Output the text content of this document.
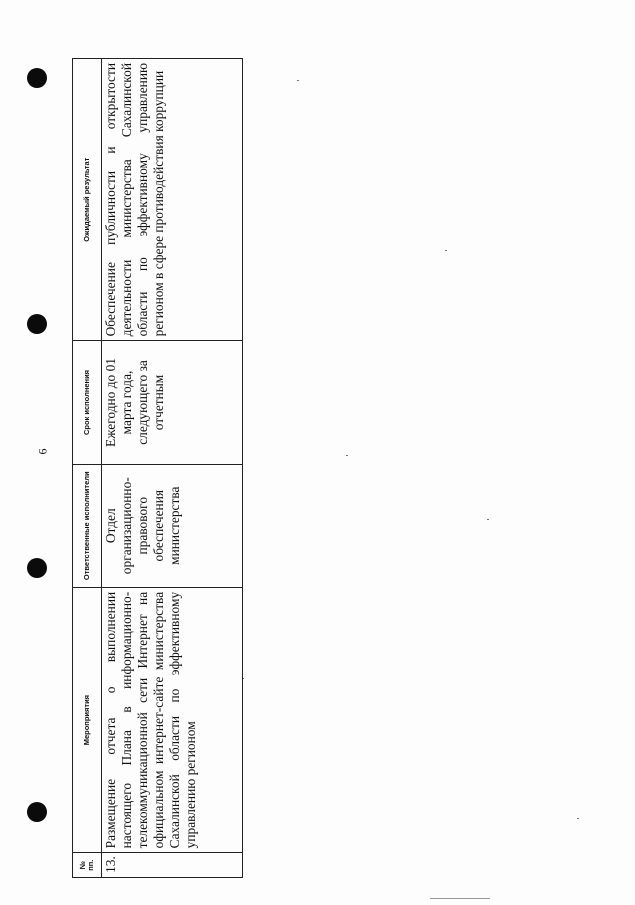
6
№ пп.	Мероприятия	Ответственные исполнители	Срок исполнения	Ожидаемый результат
13.	Размещение отчета о выполнении настоящего Плана в информационно-телекоммуникационной сети Интернет на официальном интернет-сайте министерства Сахалинской области по эффективному управлению регионом	Отдел организационно-правового обеспечения министерства	Ежегодно до 01 марта года, следующего за отчетным	Обеспечение публичности и открытости деятельности министерства Сахалинской области по эффективному управлению регионом в сфере противодействия коррупции
